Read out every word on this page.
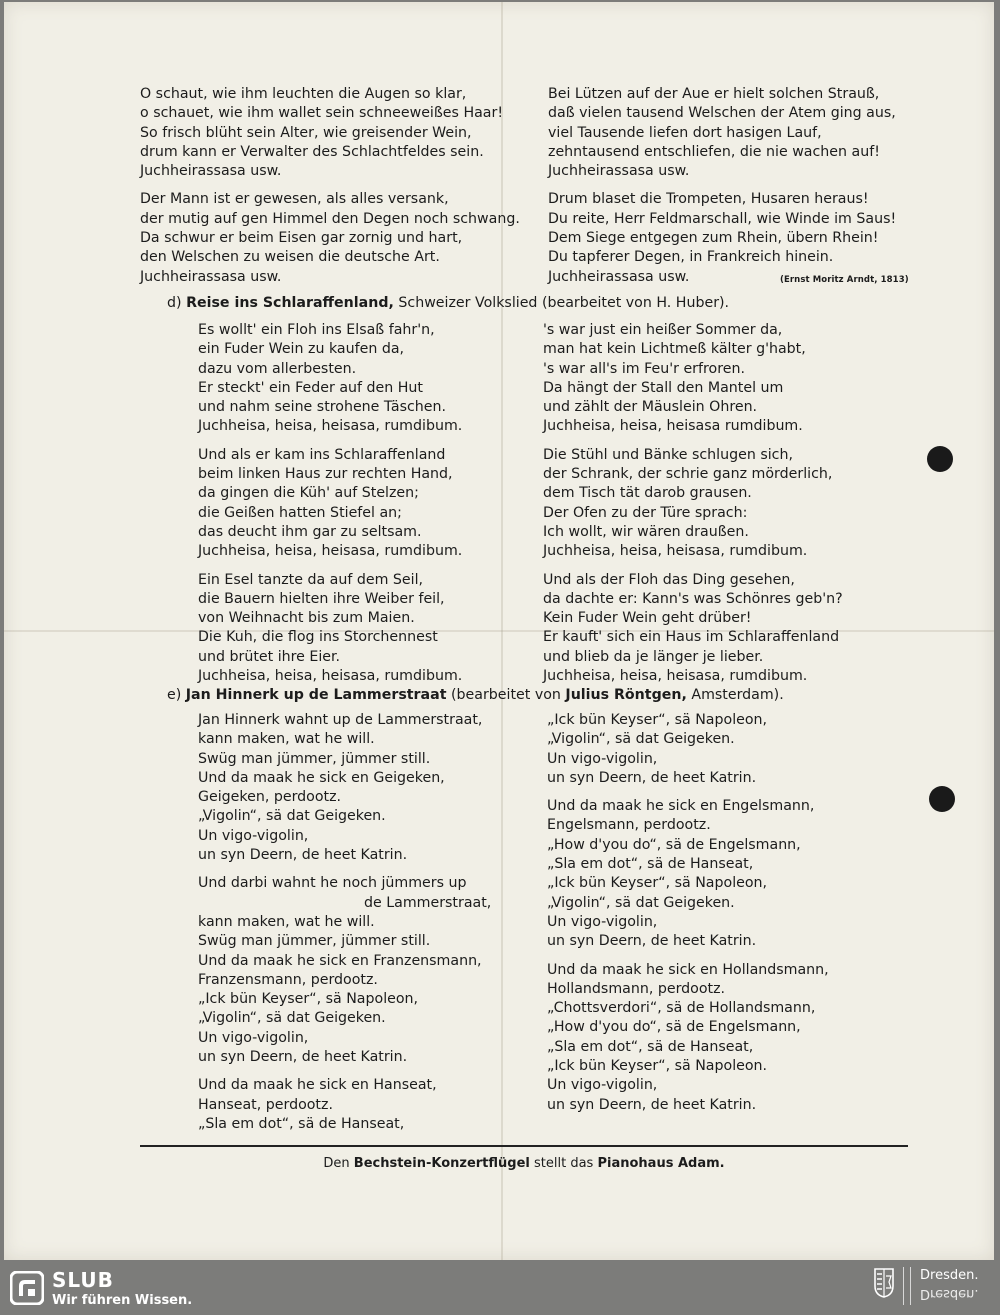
O schaut, wie ihm leuchten die Augen so klar,
o schauet, wie ihm wallet sein schneeweißes Haar!
So frisch blüht sein Alter, wie greisender Wein,
drum kann er Verwalter des Schlachtfeldes sein.
Juchheirassasa usw.
Der Mann ist er gewesen, als alles versank,
der mutig auf gen Himmel den Degen noch schwang.
Da schwur er beim Eisen gar zornig und hart,
den Welschen zu weisen die deutsche Art.
Juchheirassasa usw.
Bei Lützen auf der Aue er hielt solchen Strauß,
daß vielen tausend Welschen der Atem ging aus,
viel Tausende liefen dort hasigen Lauf,
zehntausend entschliefen, die nie wachen auf!
Juchheirassasa usw.
Drum blaset die Trompeten, Husaren heraus!
Du reite, Herr Feldmarschall, wie Winde im Saus!
Dem Siege entgegen zum Rhein, übern Rhein!
Du tapferer Degen, in Frankreich hinein.
Juchheirassasa usw.	(Ernst Moritz Arndt, 1813)
d) Reise ins Schlaraffenland, Schweizer Volkslied (bearbeitet von H. Huber).
Es wollt' ein Floh ins Elsaß fahr'n,
ein Fuder Wein zu kaufen da,
dazu vom allerbesten.
Er steckt' ein Feder auf den Hut
und nahm seine strohene Täschen.
Juchheisa, heisa, heisasa, rumdibum.
Und als er kam ins Schlaraffenland
beim linken Haus zur rechten Hand,
da gingen die Küh' auf Stelzen;
die Geißen hatten Stiefel an;
das deucht ihm gar zu seltsam.
Juchheisa, heisa, heisasa, rumdibum.
Ein Esel tanzte da auf dem Seil,
die Bauern hielten ihre Weiber feil,
von Weihnacht bis zum Maien.
Die Kuh, die flog ins Storchennest
und brütet ihre Eier.
Juchheisa, heisa, heisasa, rumdibum.
's war just ein heißer Sommer da,
man hat kein Lichtmeß kälter g'habt,
's war all's im Feu'r erfroren.
Da hängt der Stall den Mantel um
und zählt der Mäuslein Ohren.
Juchheisa, heisa, heisasa rumdibum.
Die Stühl und Bänke schlugen sich,
der Schrank, der schrie ganz mörderlich,
dem Tisch tät darob grausen.
Der Ofen zu der Türe sprach:
Ich wollt, wir wären draußen.
Juchheisa, heisa, heisasa, rumdibum.
Und als der Floh das Ding gesehen,
da dachte er: Kann's was Schönres geb'n?
Kein Fuder Wein geht drüber!
Er kauft' sich ein Haus im Schlaraffenland
und blieb da je länger je lieber.
Juchheisa, heisa, heisasa, rumdibum.
e) Jan Hinnerk up de Lammerstraat (bearbeitet von Julius Röntgen, Amsterdam).
Jan Hinnerk wahnt up de Lammerstraat,
kann maken, wat he will.
Swüg man jümmer, jümmer still.
Und da maak he sick en Geigeken,
Geigeken, perdootz.
„Vigolin“, sä dat Geigeken.
Un vigo-vigolin,
un syn Deern, de heet Katrin.
Und darbi wahnt he noch jümmers up
de Lammerstraat,
kann maken, wat he will.
Swüg man jümmer, jümmer still.
Und da maak he sick en Franzensmann,
Franzensmann, perdootz.
„Ick bün Keyser“, sä Napoleon,
„Vigolin“, sä dat Geigeken.
Un vigo-vigolin,
un syn Deern, de heet Katrin.
Und da maak he sick en Hanseat,
Hanseat, perdootz.
„Sla em dot“, sä de Hanseat,
„Ick bün Keyser“, sä Napoleon,
„Vigolin“, sä dat Geigeken.
Un vigo-vigolin,
un syn Deern, de heet Katrin.
Und da maak he sick en Engelsmann,
Engelsmann, perdootz.
„How d'you do“, sä de Engelsmann,
„Sla em dot“, sä de Hanseat,
„Ick bün Keyser“, sä Napoleon,
„Vigolin“, sä dat Geigeken.
Un vigo-vigolin,
un syn Deern, de heet Katrin.
Und da maak he sick en Hollandsmann,
Hollandsmann, perdootz.
„Chottsverdori“, sä de Hollandsmann,
„How d'you do“, sä de Engelsmann,
„Sla em dot“, sä de Hanseat,
„Ick bün Keyser“, sä Napoleon.
Un vigo-vigolin,
un syn Deern, de heet Katrin.
Den Bechstein-Konzertflügel stellt das Pianohaus Adam.
SLUB
Wir führen Wissen.
Dresden.
Dresden.
